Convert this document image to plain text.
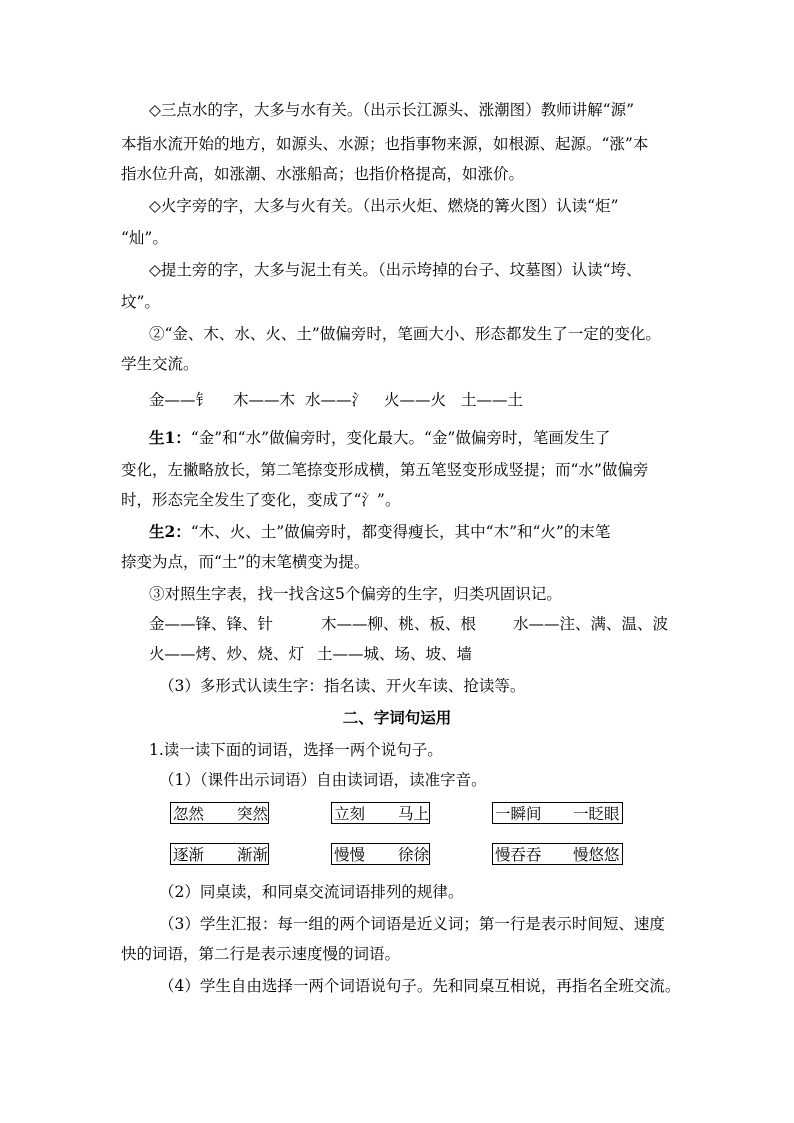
◇三点水的字，大多与水有关。（出示长江源头、涨潮图）教师讲解“源”
本指水流开始的地方，如源头、水源；也指事物来源，如根源、起源。“涨”本
指水位升高，如涨潮、水涨船高；也指价格提高，如涨价。
◇火字旁的字，大多与火有关。（出示火炬、燃烧的篝火图）认读“炬”
“灿”。
◇提土旁的字，大多与泥土有关。（出示垮掉的台子、坟墓图）认读“垮、
坟”。
②“金、木、水、火、土”做偏旁时，笔画大小、形态都发生了一定的变化。
学生交流。
金——钅 木——木 水——氵 火——火 土——土
生1：“金”和“水”做偏旁时，变化最大。“金”做偏旁时，笔画发生了
变化，左撇略放长，第二笔捺变形成横，第五笔竖变形成竖提；而“水”做偏旁
时，形态完全发生了变化，变成了“氵”。
生2：“木、火、土”做偏旁时，都变得瘦长，其中“木”和“火”的末笔
捺变为点，而“土”的末笔横变为提。
③对照生字表，找一找含这5个偏旁的生字，归类巩固识记。
金——锋、锋、针	木——柳、桃、板、根 水——注、满、温、波
火——烤、炒、烧、灯 土——城、场、坡、墙
（3）多形式认读生字：指名读、开火车读、抢读等。
二、字词句运用
1.读一读下面的词语，选择一两个说句子。
（1）（课件出示词语）自由读词语，读准字音。
忽然 突然	立刻 马上	一瞬间 一眨眼
逐渐 渐渐	慢慢 徐徐	慢吞吞 慢悠悠
（2）同桌读，和同桌交流词语排列的规律。
（3）学生汇报：每一组的两个词语是近义词；第一行是表示时间短、速度
快的词语，第二行是表示速度慢的词语。
（4）学生自由选择一两个词语说句子。先和同桌互相说，再指名全班交流。
